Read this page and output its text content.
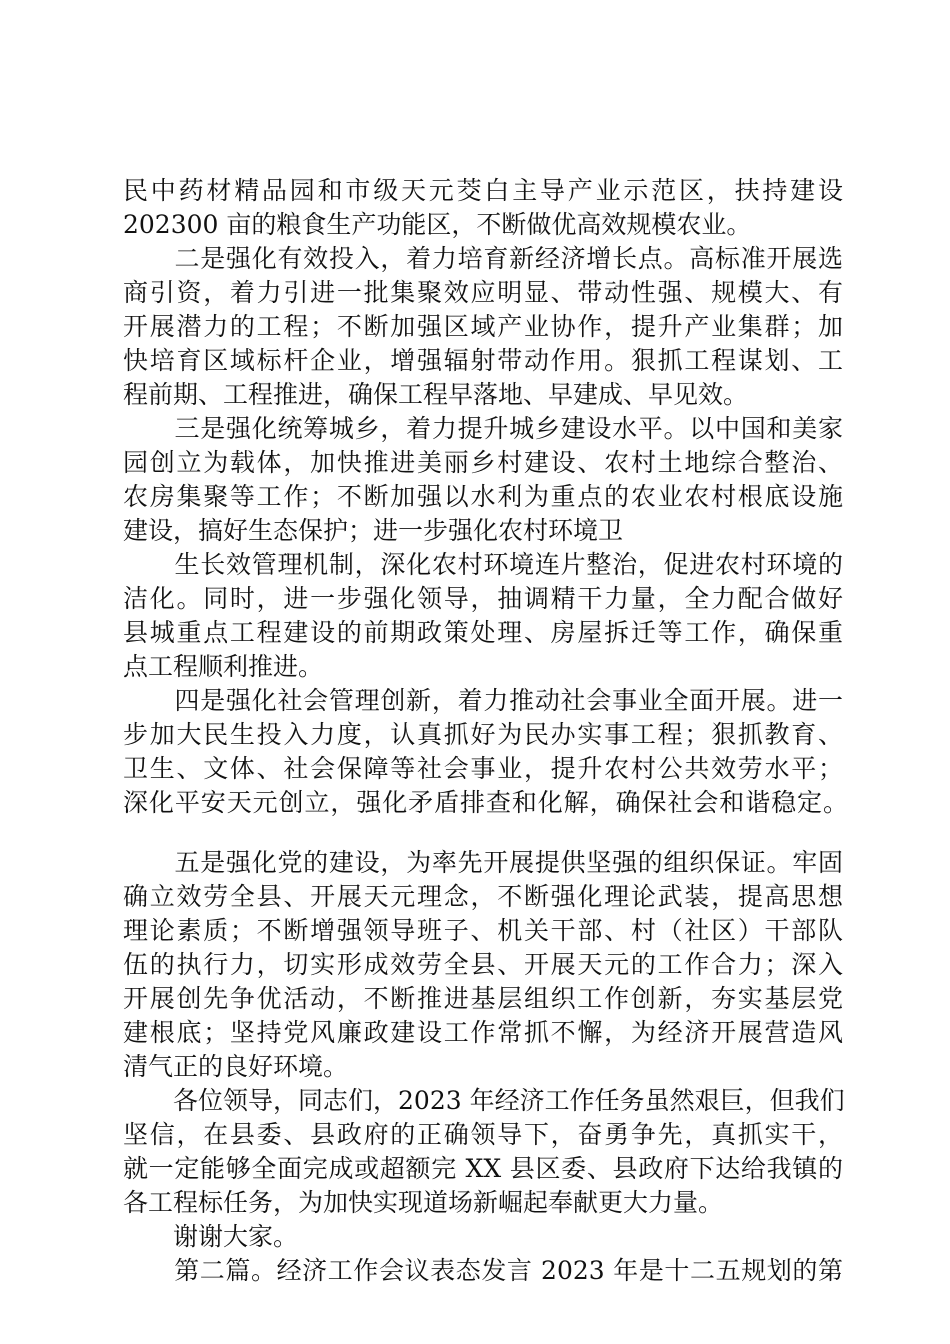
民中药材精品园和市级天元茭白主导产业示范区，扶持建设
202300 亩的粮食生产功能区，不断做优高效规模农业。
　　二是强化有效投入，着力培育新经济增长点。高标准开展选
商引资，着力引进一批集聚效应明显、带动性强、规模大、有
开展潜力的工程；不断加强区域产业协作，提升产业集群；加
快培育区域标杆企业，增强辐射带动作用。狠抓工程谋划、工
程前期、工程推进，确保工程早落地、早建成、早见效。
　　三是强化统筹城乡，着力提升城乡建设水平。以中国和美家
园创立为载体，加快推进美丽乡村建设、农村土地综合整治、
农房集聚等工作；不断加强以水利为重点的农业农村根底设施
建设，搞好生态保护；进一步强化农村环境卫
　　生长效管理机制，深化农村环境连片整治，促进农村环境的
洁化。同时，进一步强化领导，抽调精干力量，全力配合做好
县城重点工程建设的前期政策处理、房屋拆迁等工作，确保重
点工程顺利推进。
　　四是强化社会管理创新，着力推动社会事业全面开展。进一
步加大民生投入力度，认真抓好为民办实事工程；狠抓教育、
卫生、文体、社会保障等社会事业，提升农村公共效劳水平；
深化平安天元创立，强化矛盾排查和化解，确保社会和谐稳定。
　　五是强化党的建设，为率先开展提供坚强的组织保证。牢固
确立效劳全县、开展天元理念，不断强化理论武装，提高思想
理论素质；不断增强领导班子、机关干部、村（社区）干部队
伍的执行力，切实形成效劳全县、开展天元的工作合力；深入
开展创先争优活动，不断推进基层组织工作创新，夯实基层党
建根底；坚持党风廉政建设工作常抓不懈，为经济开展营造风
清气正的良好环境。
　　各位领导，同志们，2023 年经济工作任务虽然艰巨，但我们
坚信，在县委、县政府的正确领导下，奋勇争先，真抓实干，
就一定能够全面完成或超额完 XX 县区委、县政府下达给我镇的
各工程标任务，为加快实现道场新崛起奉献更大力量。
　　谢谢大家。
　　第二篇。经济工作会议表态发言 2023 年是十二五规划的第
